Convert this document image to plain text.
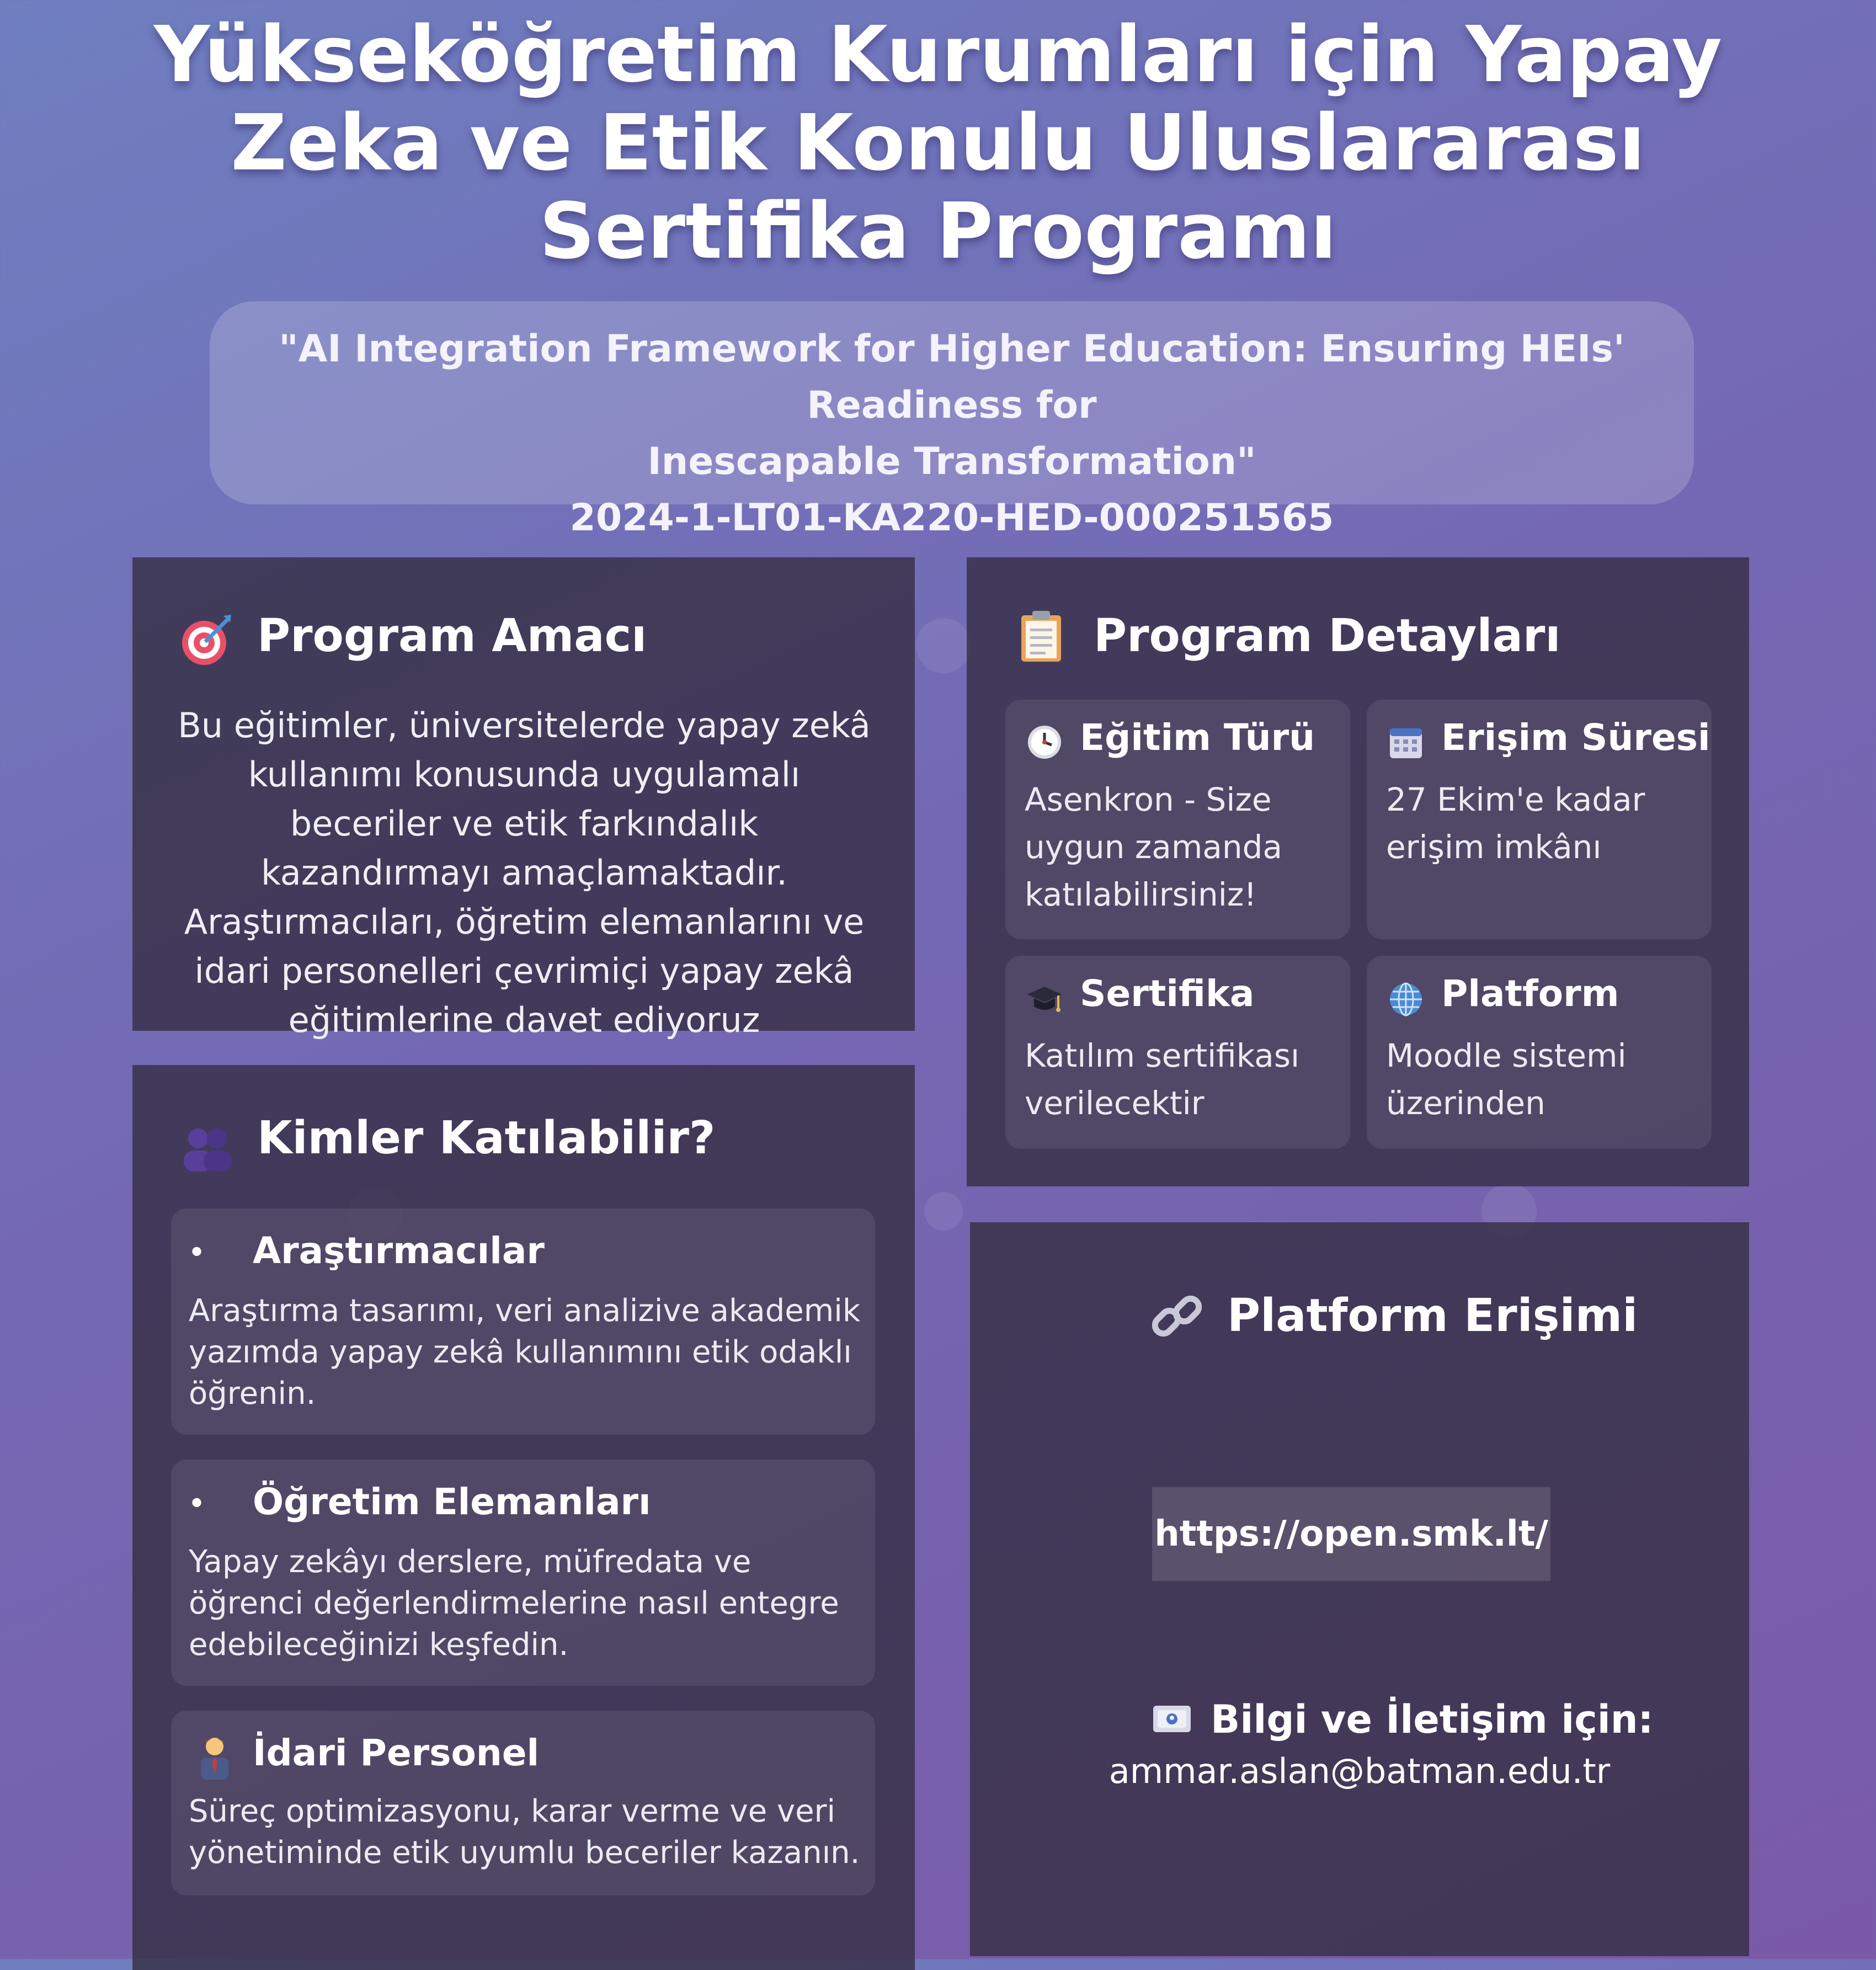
Yükseköğretim Kurumları için Yapay Zeka ve Etik Konulu Uluslararası Sertifika Programı
"AI Integration Framework for Higher Education: Ensuring HEIs' Readiness for
Inescapable Transformation"
2024-1-LT01-KA220-HED-000251565
Program Amacı
Bu eğitimler, üniversitelerde yapay zekâ kullanımı konusunda uygulamalı beceriler ve etik farkındalık kazandırmayı amaçlamaktadır. Araştırmacıları, öğretim elemanlarını ve idari personelleri çevrimiçi yapay zekâ eğitimlerine davet ediyoruz
Kimler Katılabilir?
• Araştırmacılar
Araştırma tasarımı, veri analizive akademik yazımda yapay zekâ kullanımını etik odaklı öğrenin.
• Öğretim Elemanları
Yapay zekâyı derslere, müfredata ve öğrenci değerlendirmelerine nasıl entegre edebileceğinizi keşfedin.
İdari Personel
Süreç optimizasyonu, karar verme ve veri yönetiminde etik uyumlu beceriler kazanın.
Program Detayları
Eğitim Türü
Asenkron - Size uygun zamanda katılabilirsiniz!
Erişim Süresi
27 Ekim'e kadar erişim imkânı
Sertifika
Katılım sertifikası verilecektir
Platform
Moodle sistemi üzerinden
Platform Erişimi
https://open.smk.lt/
Bilgi ve İletişim için:
ammar.aslan@batman.edu.tr
